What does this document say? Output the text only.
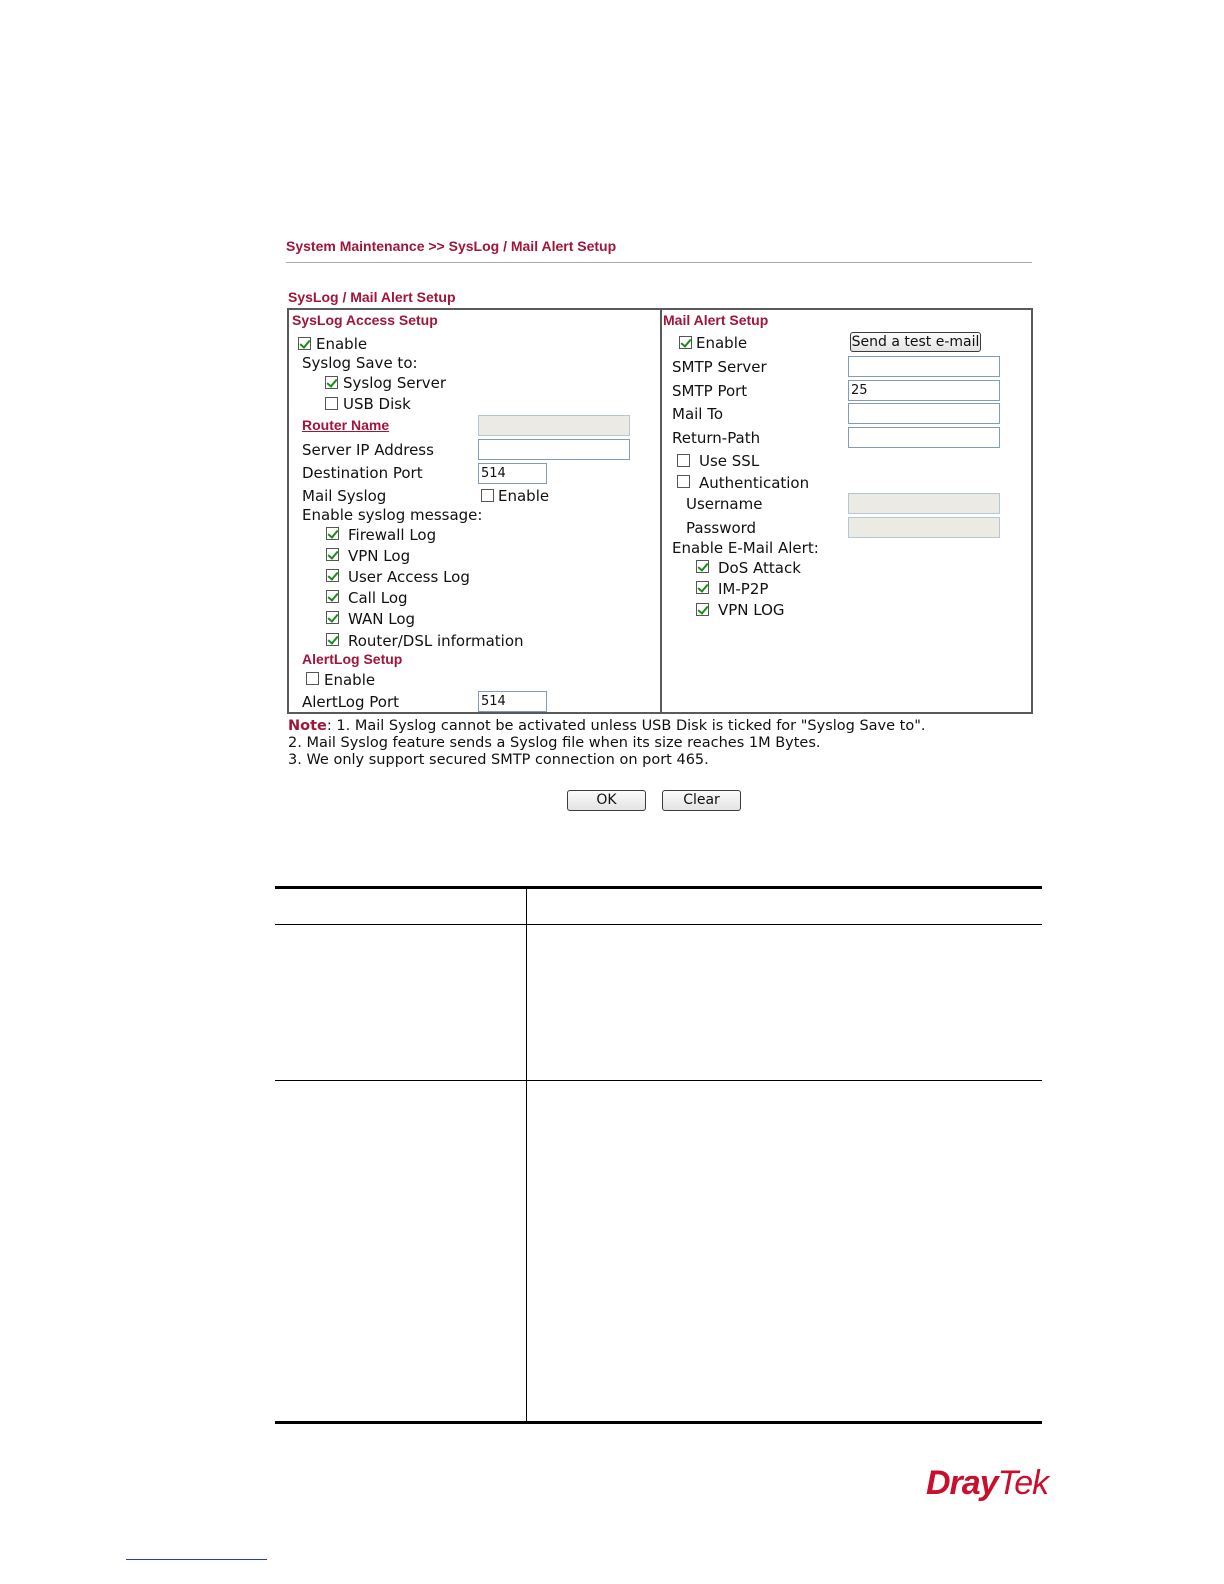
System Maintenance >> SysLog / Mail Alert Setup
SysLog / Mail Alert Setup
SysLog Access Setup
Enable
Syslog Save to:
Syslog Server
USB Disk
Router Name
Server IP Address
Destination Port	514
Mail Syslog	Enable
Enable syslog message:
Firewall Log
VPN Log
User Access Log
Call Log
WAN Log
Router/DSL information
AlertLog Setup
Enable
AlertLog Port	514
Mail Alert Setup
Enable	Send a test e-mail
SMTP Server
SMTP Port	25
Mail To
Return-Path
Use SSL
Authentication
Username
Password
Enable E-Mail Alert:
DoS Attack
IM-P2P
VPN LOG
Note: 1. Mail Syslog cannot be activated unless USB Disk is ticked for "Syslog Save to".
2. Mail Syslog feature sends a Syslog file when its size reaches 1M Bytes.
3. We only support secured SMTP connection on port 465.
OK	Clear
DrayTek
